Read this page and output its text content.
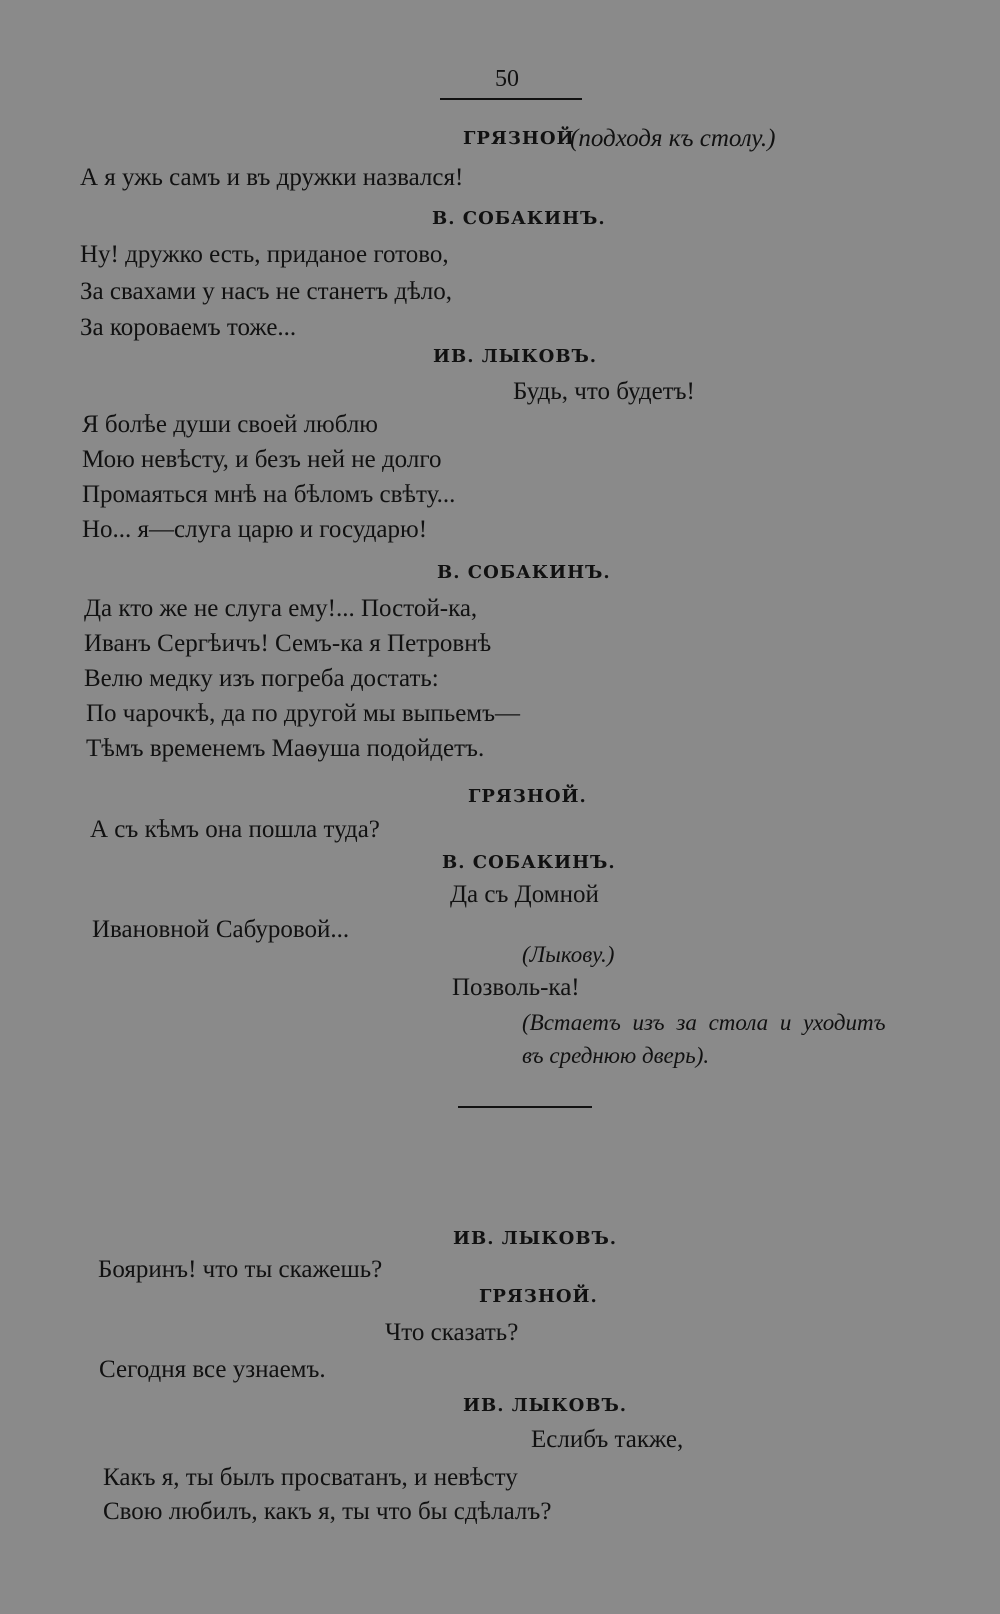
50
ГРЯЗНОЙ
(подходя къ столу.)
А я ужь самъ и въ дружки назвался!
В. СОБАКИНЪ.
Ну! дружко есть, приданое готово,
За свахами у насъ не станетъ дѣло,
За короваемъ тоже...
ИВ. ЛЫКОВЪ.
Будь, что будетъ!
Я болѣе души своей люблю
Мою невѣсту, и безъ ней не долго
Промаяться мнѣ на бѣломъ свѣту...
Но... я—слуга царю и государю!
В. СОБАКИНЪ.
Да кто же не слуга ему!... Постой-ка,
Иванъ Сергѣичъ! Семъ-ка я Петровнѣ
Велю медку изъ погреба достать:
По чарочкѣ, да по другой мы выпьемъ—
Тѣмъ временемъ Маѳуша подойдетъ.
ГРЯЗНОЙ.
А съ кѣмъ она пошла туда?
В. СОБАКИНЪ.
Да съ Домной
Ивановной Сабуровой...
(Лыкову.)
Позволь-ка!
(Встаетъ изъ за стола и уходитъ
въ среднюю дверь).
ИВ. ЛЫКОВЪ.
Бояринъ! что ты скажешь?
ГРЯЗНОЙ.
Что сказать?
Сегодня все узнаемъ.
ИВ. ЛЫКОВЪ.
Еслибъ также,
Какъ я, ты былъ просватанъ, и невѣсту
Свою любилъ, какъ я, ты что бы сдѣлалъ?
